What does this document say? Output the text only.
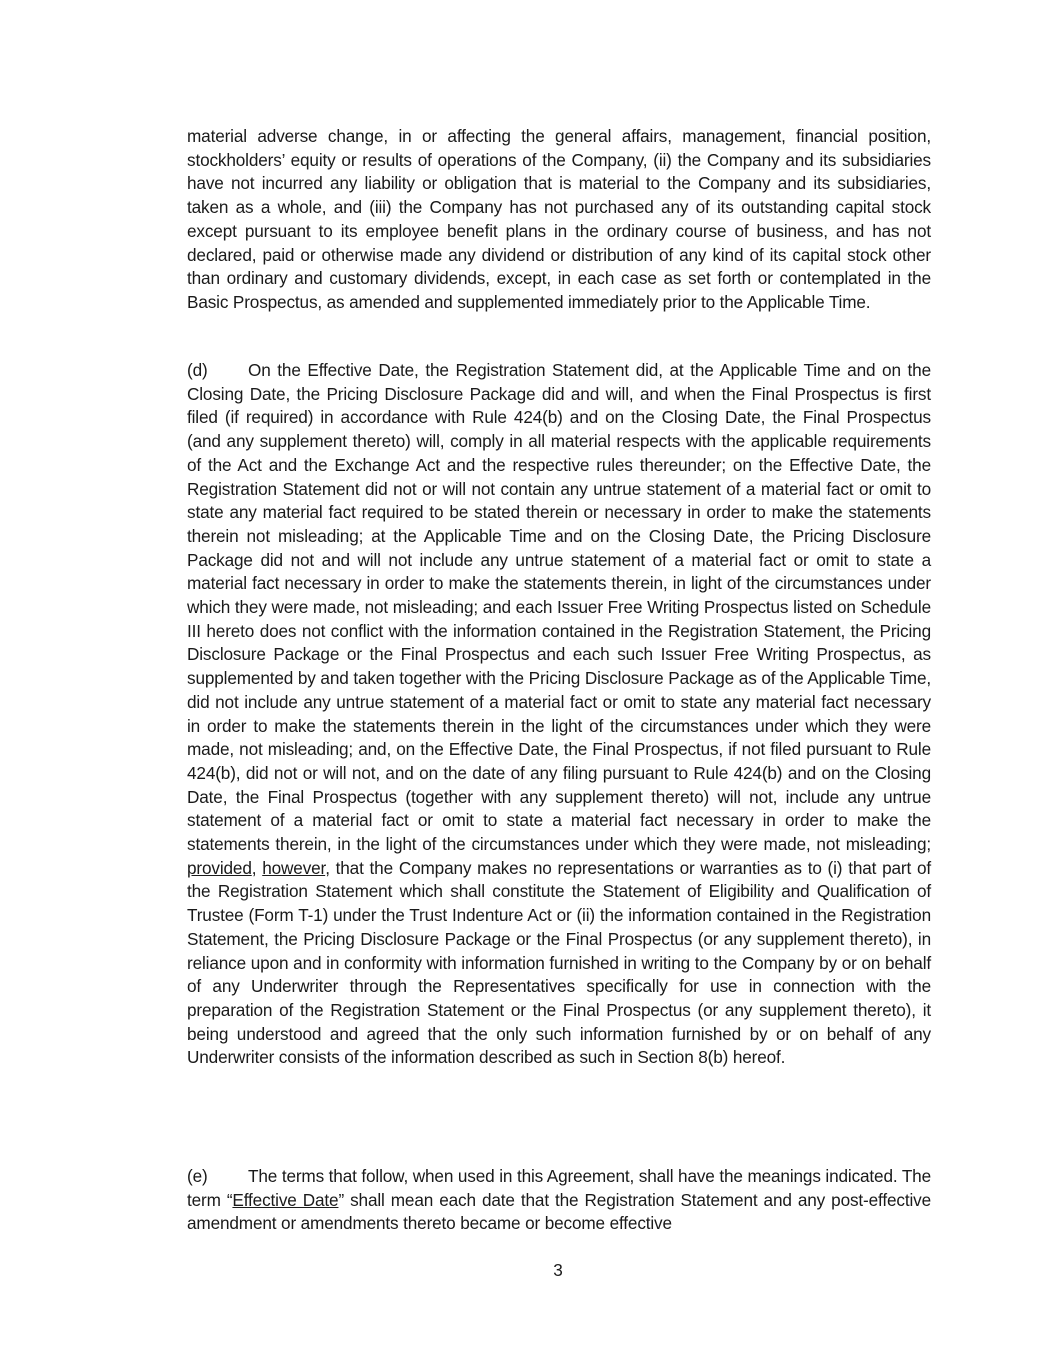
material adverse change, in or affecting the general affairs, management, financial position, stockholders’ equity or results of operations of the Company, (ii) the Company and its subsidiaries have not incurred any liability or obligation that is material to the Company and its subsidiaries, taken as a whole, and (iii) the Company has not purchased any of its outstanding capital stock except pursuant to its employee benefit plans in the ordinary course of business, and has not declared, paid or otherwise made any dividend or distribution of any kind of its capital stock other than ordinary and customary dividends, except, in each case as set forth or contemplated in the Basic Prospectus, as amended and supplemented immediately prior to the Applicable Time.

(d) On the Effective Date, the Registration Statement did, at the Applicable Time and on the Closing Date, the Pricing Disclosure Package did and will, and when the Final Prospectus is first filed (if required) in accordance with Rule 424(b) and on the Closing Date, the Final Prospectus (and any supplement thereto) will, comply in all material respects with the applicable requirements of the Act and the Exchange Act and the respective rules thereunder; on the Effective Date, the Registration Statement did not or will not contain any untrue statement of a material fact or omit to state any material fact required to be stated therein or necessary in order to make the statements therein not misleading; at the Applicable Time and on the Closing Date, the Pricing Disclosure Package did not and will not include any untrue statement of a material fact or omit to state a material fact necessary in order to make the statements therein, in light of the circumstances under which they were made, not misleading; and each Issuer Free Writing Prospectus listed on Schedule III hereto does not conflict with the information contained in the Registration Statement, the Pricing Disclosure Package or the Final Prospectus and each such Issuer Free Writing Prospectus, as supplemented by and taken together with the Pricing Disclosure Package as of the Applicable Time, did not include any untrue statement of a material fact or omit to state any material fact necessary in order to make the statements therein in the light of the circumstances under which they were made, not misleading; and, on the Effective Date, the Final Prospectus, if not filed pursuant to Rule 424(b), did not or will not, and on the date of any filing pursuant to Rule 424(b) and on the Closing Date, the Final Prospectus (together with any supplement thereto) will not, include any untrue statement of a material fact or omit to state a material fact necessary in order to make the statements therein, in the light of the circumstances under which they were made, not misleading; provided, however, that the Company makes no representations or warranties as to (i) that part of the Registration Statement which shall constitute the Statement of Eligibility and Qualification of Trustee (Form T-1) under the Trust Indenture Act or (ii) the information contained in the Registration Statement, the Pricing Disclosure Package or the Final Prospectus (or any supplement thereto), in reliance upon and in conformity with information furnished in writing to the Company by or on behalf of any Underwriter through the Representatives specifically for use in connection with the preparation of the Registration Statement or the Final Prospectus (or any supplement thereto), it being understood and agreed that the only such information furnished by or on behalf of any Underwriter consists of the information described as such in Section 8(b) hereof.

(e) The terms that follow, when used in this Agreement, shall have the meanings indicated. The term “Effective Date” shall mean each date that the Registration Statement and any post-effective amendment or amendments thereto became or become effective

3
